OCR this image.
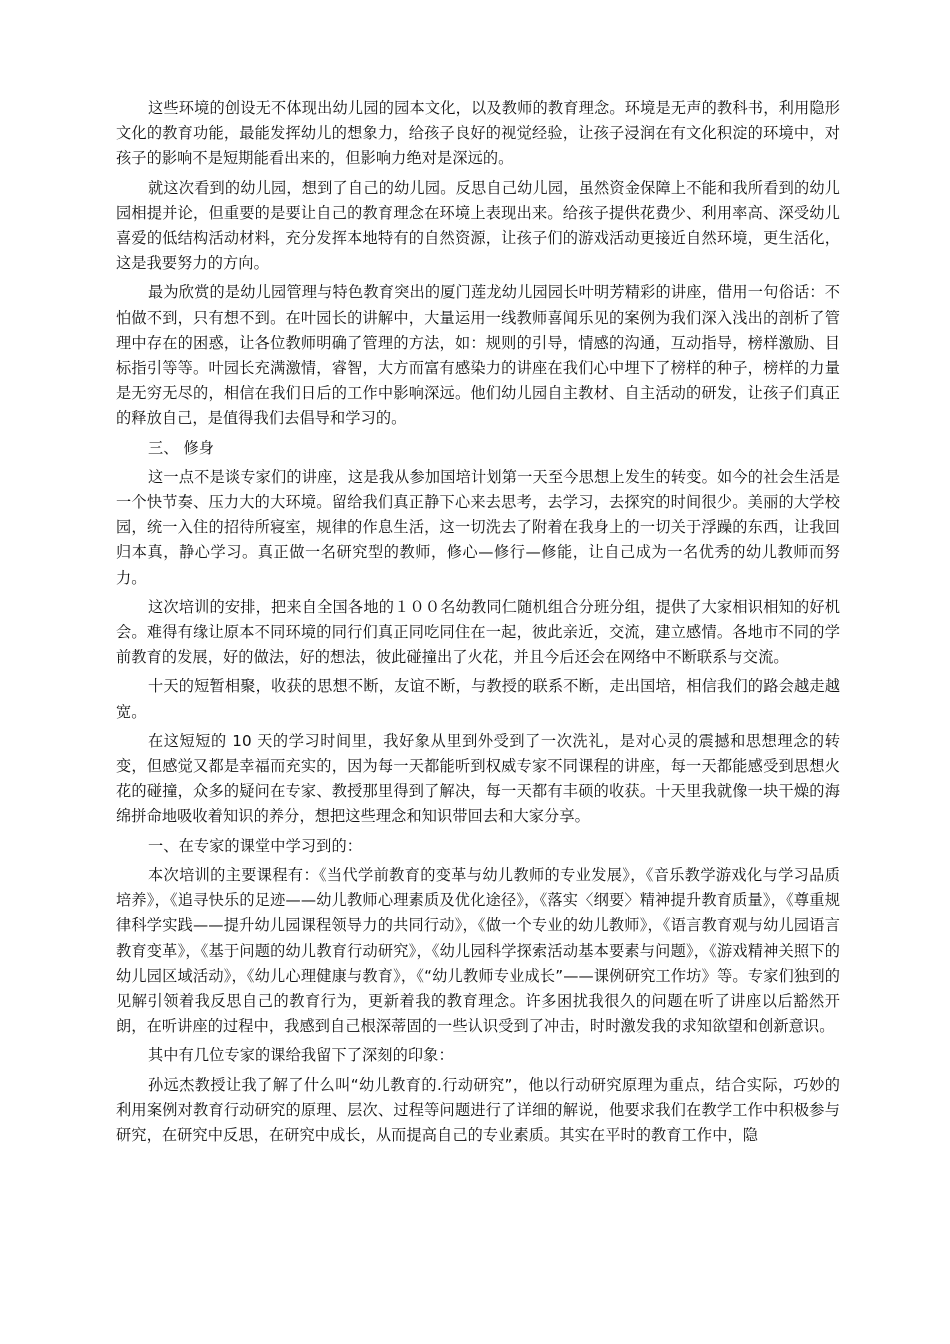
这些环境的创设无不体现出幼儿园的园本文化，以及教师的教育理念。环境是无声的教科书，利用隐形文化的教育功能，最能发挥幼儿的想象力，给孩子良好的视觉经验，让孩子浸润在有文化积淀的环境中，对孩子的影响不是短期能看出来的，但影响力绝对是深远的。

就这次看到的幼儿园，想到了自己的幼儿园。反思自己幼儿园，虽然资金保障上不能和我所看到的幼儿园相提并论，但重要的是要让自己的教育理念在环境上表现出来。给孩子提供花费少、利用率高、深受幼儿喜爱的低结构活动材料，充分发挥本地特有的自然资源，让孩子们的游戏活动更接近自然环境，更生活化，这是我要努力的方向。

最为欣赏的是幼儿园管理与特色教育突出的厦门莲龙幼儿园园长叶明芳精彩的讲座，借用一句俗话：不怕做不到，只有想不到。在叶园长的讲解中，大量运用一线教师喜闻乐见的案例为我们深入浅出的剖析了管理中存在的困惑，让各位教师明确了管理的方法，如：规则的引导，情感的沟通，互动指导，榜样激励、目标指引等等。叶园长充满激情，睿智，大方而富有感染力的讲座在我们心中埋下了榜样的种子，榜样的力量是无穷无尽的，相信在我们日后的工作中影响深远。他们幼儿园自主教材、自主活动的研发，让孩子们真正的释放自己，是值得我们去倡导和学习的。

三、 修身

这一点不是谈专家们的讲座，这是我从参加国培计划第一天至今思想上发生的转变。如今的社会生活是一个快节奏、压力大的大环境。留给我们真正静下心来去思考，去学习，去探究的时间很少。美丽的大学校园，统一入住的招待所寝室，规律的作息生活，这一切洗去了附着在我身上的一切关于浮躁的东西，让我回归本真，静心学习。真正做一名研究型的教师，修心—修行—修能，让自己成为一名优秀的幼儿教师而努力。

这次培训的安排，把来自全国各地的１００名幼教同仁随机组合分班分组，提供了大家相识相知的好机会。难得有缘让原本不同环境的同行们真正同吃同住在一起，彼此亲近，交流，建立感情。各地市不同的学前教育的发展，好的做法，好的想法，彼此碰撞出了火花，并且今后还会在网络中不断联系与交流。

十天的短暂相聚，收获的思想不断，友谊不断，与教授的联系不断，走出国培，相信我们的路会越走越宽。

在这短短的 10 天的学习时间里，我好象从里到外受到了一次洗礼，是对心灵的震撼和思想理念的转变，但感觉又都是幸福而充实的，因为每一天都能听到权威专家不同课程的讲座，每一天都能感受到思想火花的碰撞，众多的疑问在专家、教授那里得到了解决，每一天都有丰硕的收获。十天里我就像一块干燥的海绵拼命地吸收着知识的养分，想把这些理念和知识带回去和大家分享。

一、在专家的课堂中学习到的：

本次培训的主要课程有：《当代学前教育的变革与幼儿教师的专业发展》，《音乐教学游戏化与学习品质培养》，《追寻快乐的足迹——幼儿教师心理素质及优化途径》，《落实〈纲要〉精神提升教育质量》，《尊重规律科学实践——提升幼儿园课程领导力的共同行动》，《做一个专业的幼儿教师》，《语言教育观与幼儿园语言教育变革》，《基于问题的幼儿教育行动研究》，《幼儿园科学探索活动基本要素与问题》，《游戏精神关照下的幼儿园区域活动》，《幼儿心理健康与教育》，《“幼儿教师专业成长”——课例研究工作坊》等。专家们独到的见解引领着我反思自己的教育行为，更新着我的教育理念。许多困扰我很久的问题在听了讲座以后豁然开朗，在听讲座的过程中，我感到自己根深蒂固的一些认识受到了冲击，时时激发我的求知欲望和创新意识。

其中有几位专家的课给我留下了深刻的印象：

孙远杰教授让我了解了什么叫“幼儿教育的.行动研究”，他以行动研究原理为重点，结合实际，巧妙的利用案例对教育行动研究的原理、层次、过程等问题进行了详细的解说，他要求我们在教学工作中积极参与研究，在研究中反思，在研究中成长，从而提高自己的专业素质。其实在平时的教育工作中，隐
